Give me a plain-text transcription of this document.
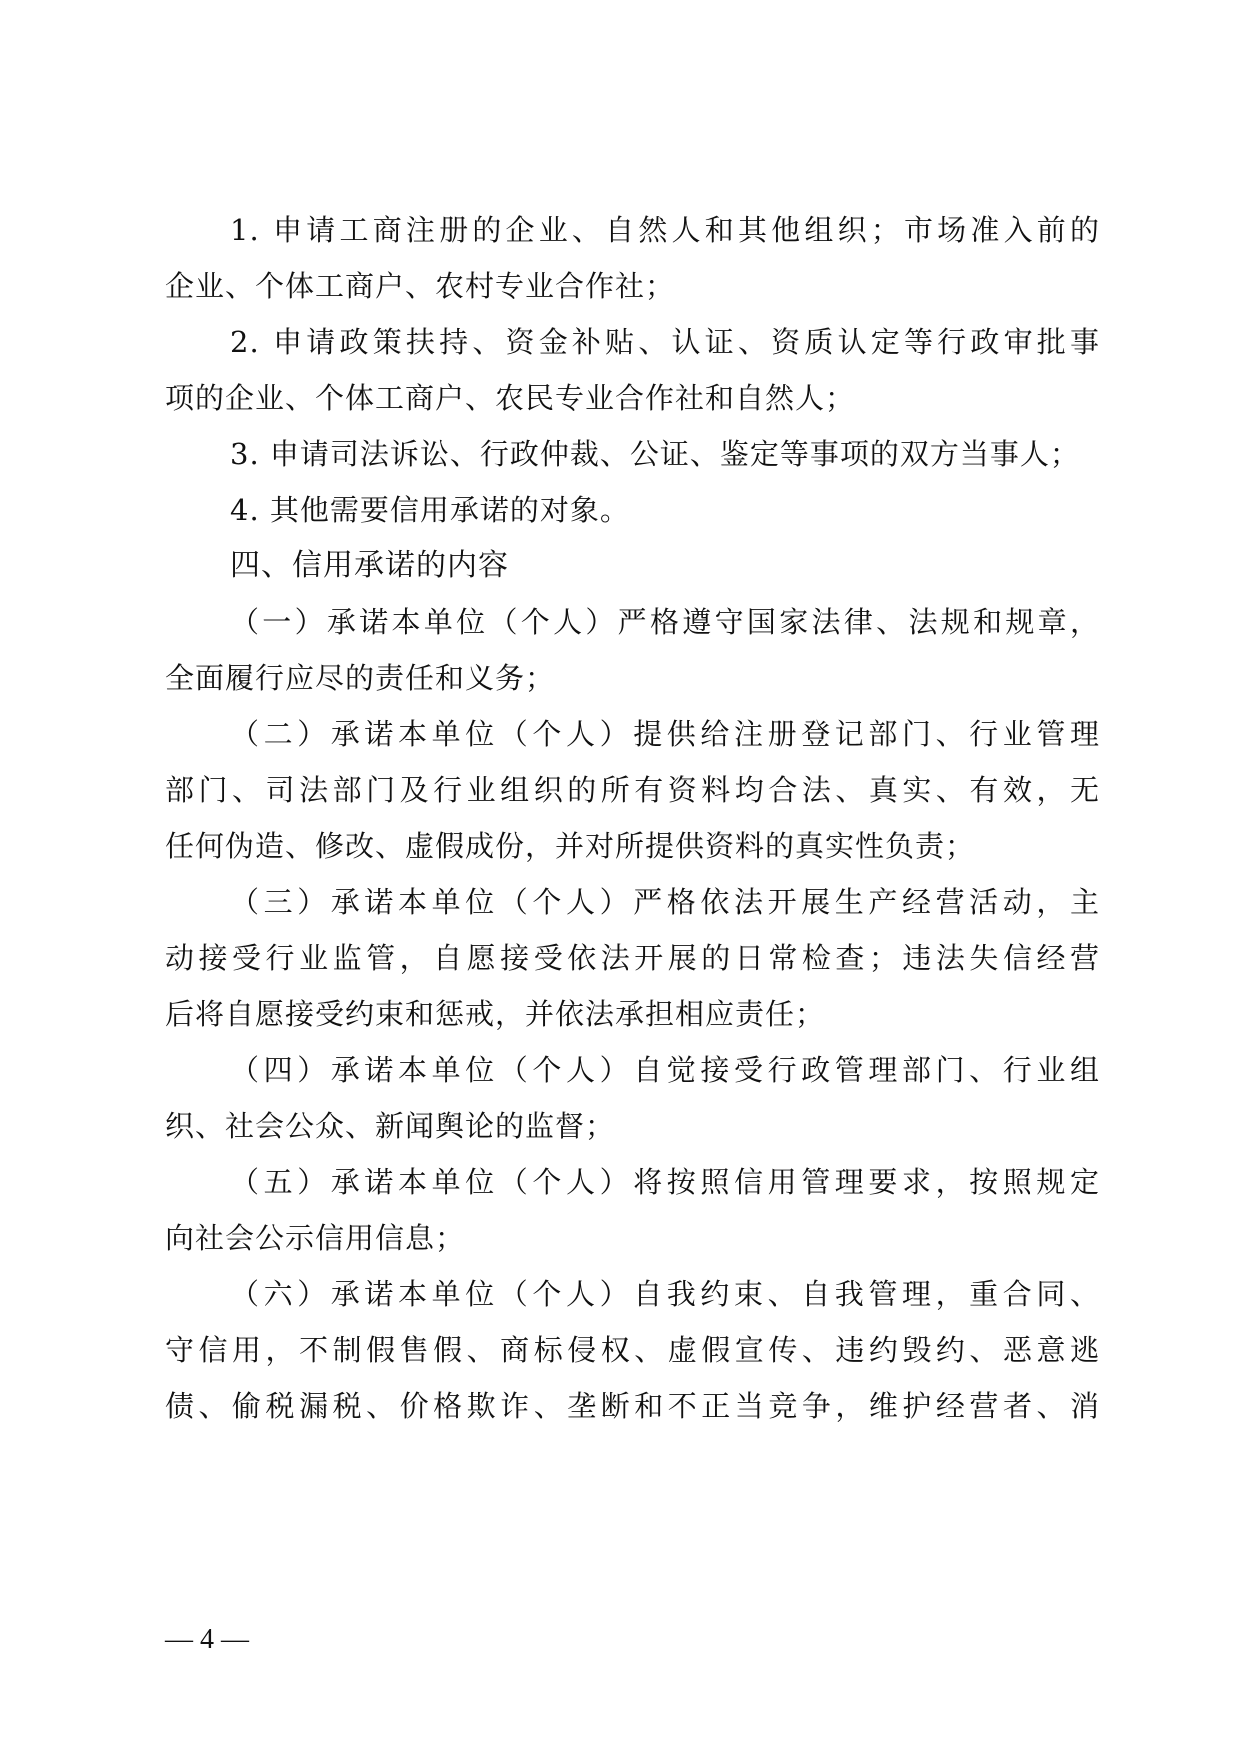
1. 申请工商注册的企业、自然人和其他组织；市场准入前的
企业、个体工商户、农村专业合作社；
2. 申请政策扶持、资金补贴、认证、资质认定等行政审批事
项的企业、个体工商户、农民专业合作社和自然人；
3. 申请司法诉讼、行政仲裁、公证、鉴定等事项的双方当事人；
4. 其他需要信用承诺的对象。
四、信用承诺的内容
（一）承诺本单位（个人）严格遵守国家法律、法规和规章，
全面履行应尽的责任和义务；
（二）承诺本单位（个人）提供给注册登记部门、行业管理
部门、司法部门及行业组织的所有资料均合法、真实、有效，无
任何伪造、修改、虚假成份，并对所提供资料的真实性负责；
（三）承诺本单位（个人）严格依法开展生产经营活动，主
动接受行业监管，自愿接受依法开展的日常检查；违法失信经营
后将自愿接受约束和惩戒，并依法承担相应责任；
（四）承诺本单位（个人）自觉接受行政管理部门、行业组
织、社会公众、新闻舆论的监督；
（五）承诺本单位（个人）将按照信用管理要求，按照规定
向社会公示信用信息；
（六）承诺本单位（个人）自我约束、自我管理，重合同、
守信用，不制假售假、商标侵权、虚假宣传、违约毁约、恶意逃
债、偷税漏税、价格欺诈、垄断和不正当竞争，维护经营者、消
— 4 —
